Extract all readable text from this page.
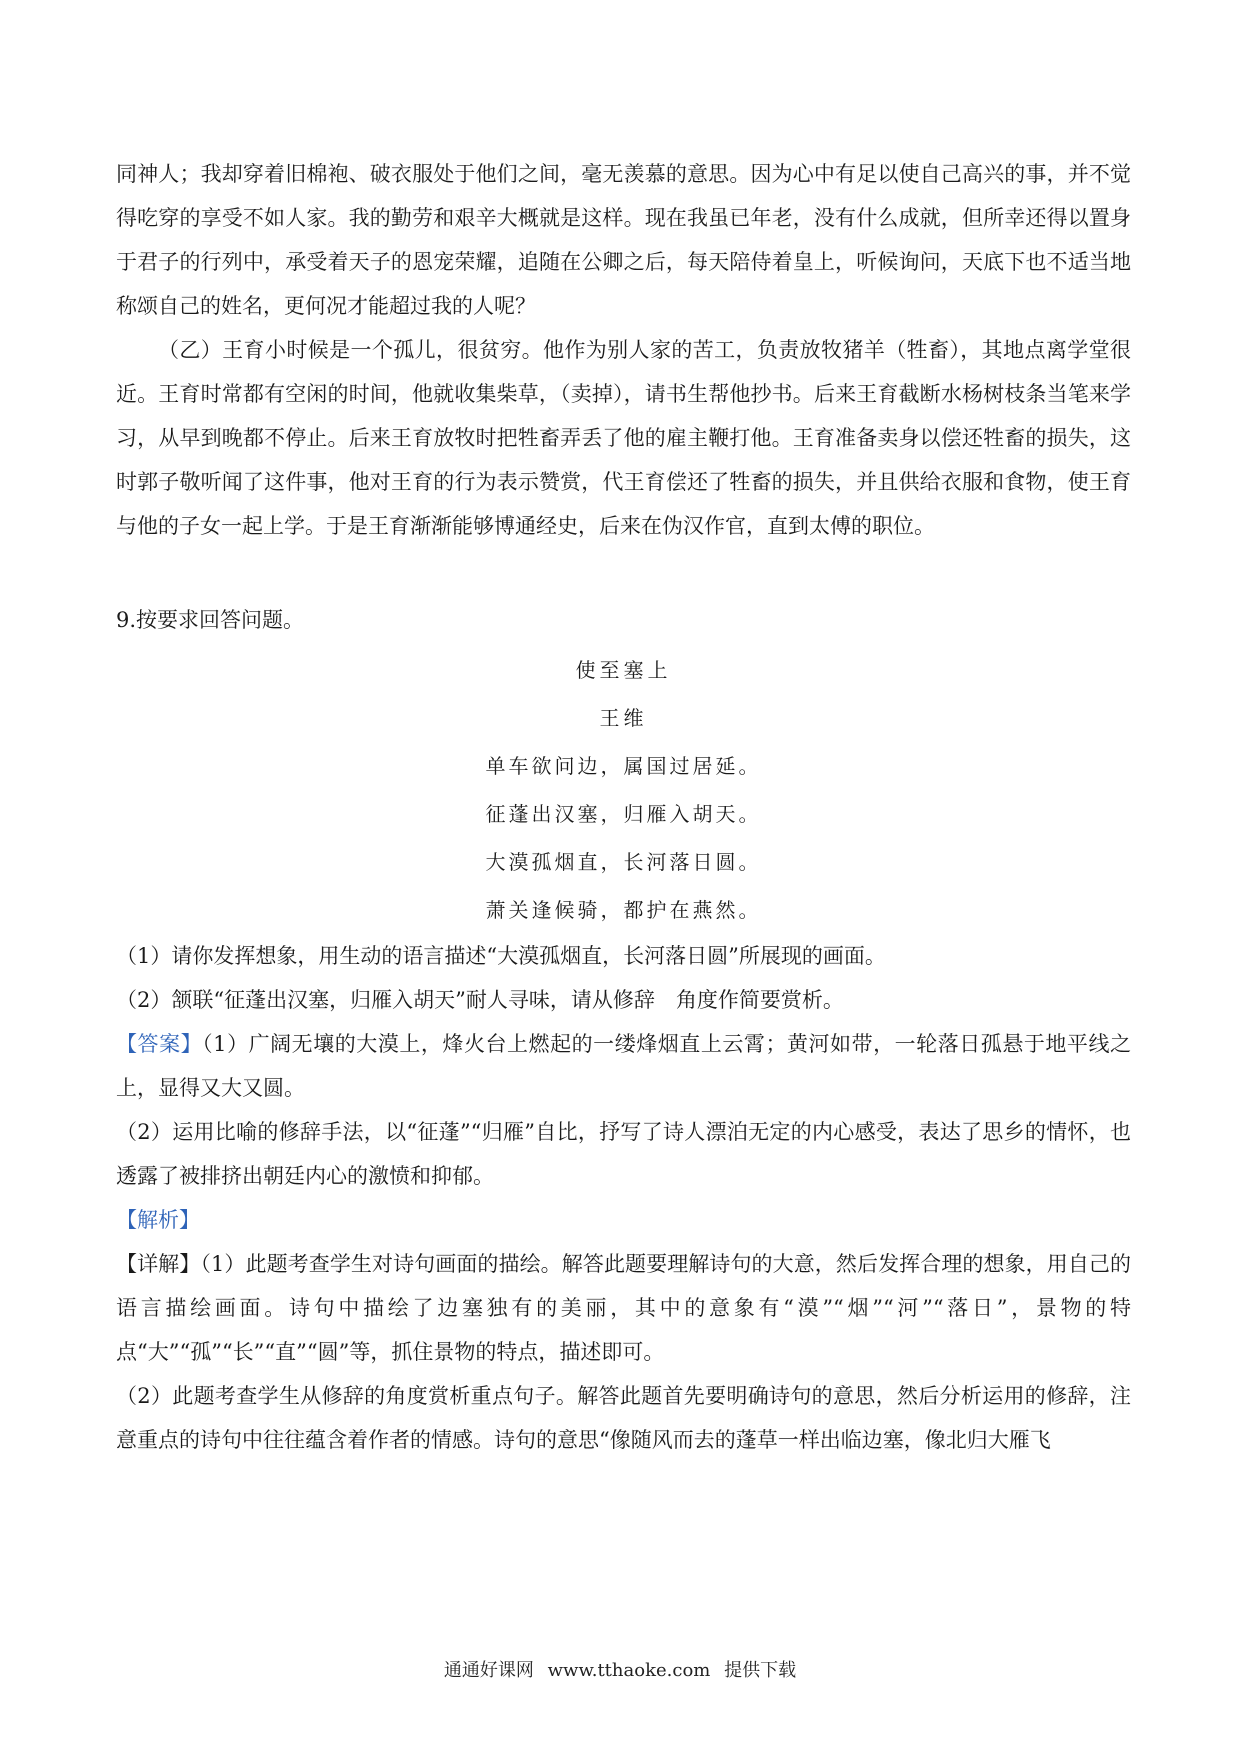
同神人；我却穿着旧棉袍、破衣服处于他们之间，毫无羡慕的意思。因为心中有足以使自己高兴的事，并不觉得吃穿的享受不如人家。我的勤劳和艰辛大概就是这样。现在我虽已年老，没有什么成就，但所幸还得以置身于君子的行列中，承受着天子的恩宠荣耀，追随在公卿之后，每天陪侍着皇上，听候询问，天底下也不适当地称颂自己的姓名，更何况才能超过我的人呢？

（乙）王育小时候是一个孤儿，很贫穷。他作为别人家的苦工，负责放牧猪羊（牲畜），其地点离学堂很近。王育时常都有空闲的时间，他就收集柴草，（卖掉），请书生帮他抄书。后来王育截断水杨树枝条当笔来学习，从早到晚都不停止。后来王育放牧时把牲畜弄丢了他的雇主鞭打他。王育准备卖身以偿还牲畜的损失，这时郭子敬听闻了这件事，他对王育的行为表示赞赏，代王育偿还了牲畜的损失，并且供给衣服和食物，使王育与他的子女一起上学。于是王育渐渐能够博通经史，后来在伪汉作官，直到太傅的职位。

9.按要求回答问题。

使至塞上
王维
单车欲问边，属国过居延。
征蓬出汉塞，归雁入胡天。
大漠孤烟直，长河落日圆。
萧关逢候骑，都护在燕然。

（1）请你发挥想象，用生动的语言描述“大漠孤烟直，长河落日圆”所展现的画面。

（2）颔联“征蓬出汉塞，归雁入胡天”耐人寻味，请从修辞　角度作简要赏析。

【答案】（1）广阔无壤的大漠上，烽火台上燃起的一缕烽烟直上云霄；黄河如带，一轮落日孤悬于地平线之上，显得又大又圆。

（2）运用比喻的修辞手法，以“征蓬”“归雁”自比，抒写了诗人漂泊无定的内心感受，表达了思乡的情怀，也透露了被排挤出朝廷内心的激愤和抑郁。

【解析】

【详解】（1）此题考查学生对诗句画面的描绘。解答此题要理解诗句的大意，然后发挥合理的想象，用自己的语言描绘画面。诗句中描绘了边塞独有的美丽，其中的意象有“漠”“烟”“河”“落日”，景物的特点“大”“孤”“长”“直”“圆”等，抓住景物的特点，描述即可。

（2）此题考查学生从修辞的角度赏析重点句子。解答此题首先要明确诗句的意思，然后分析运用的修辞，注意重点的诗句中往往蕴含着作者的情感。诗句的意思“像随风而去的蓬草一样出临边塞，像北归大雁飞

通通好课网 www.tthaoke.com 提供下载
